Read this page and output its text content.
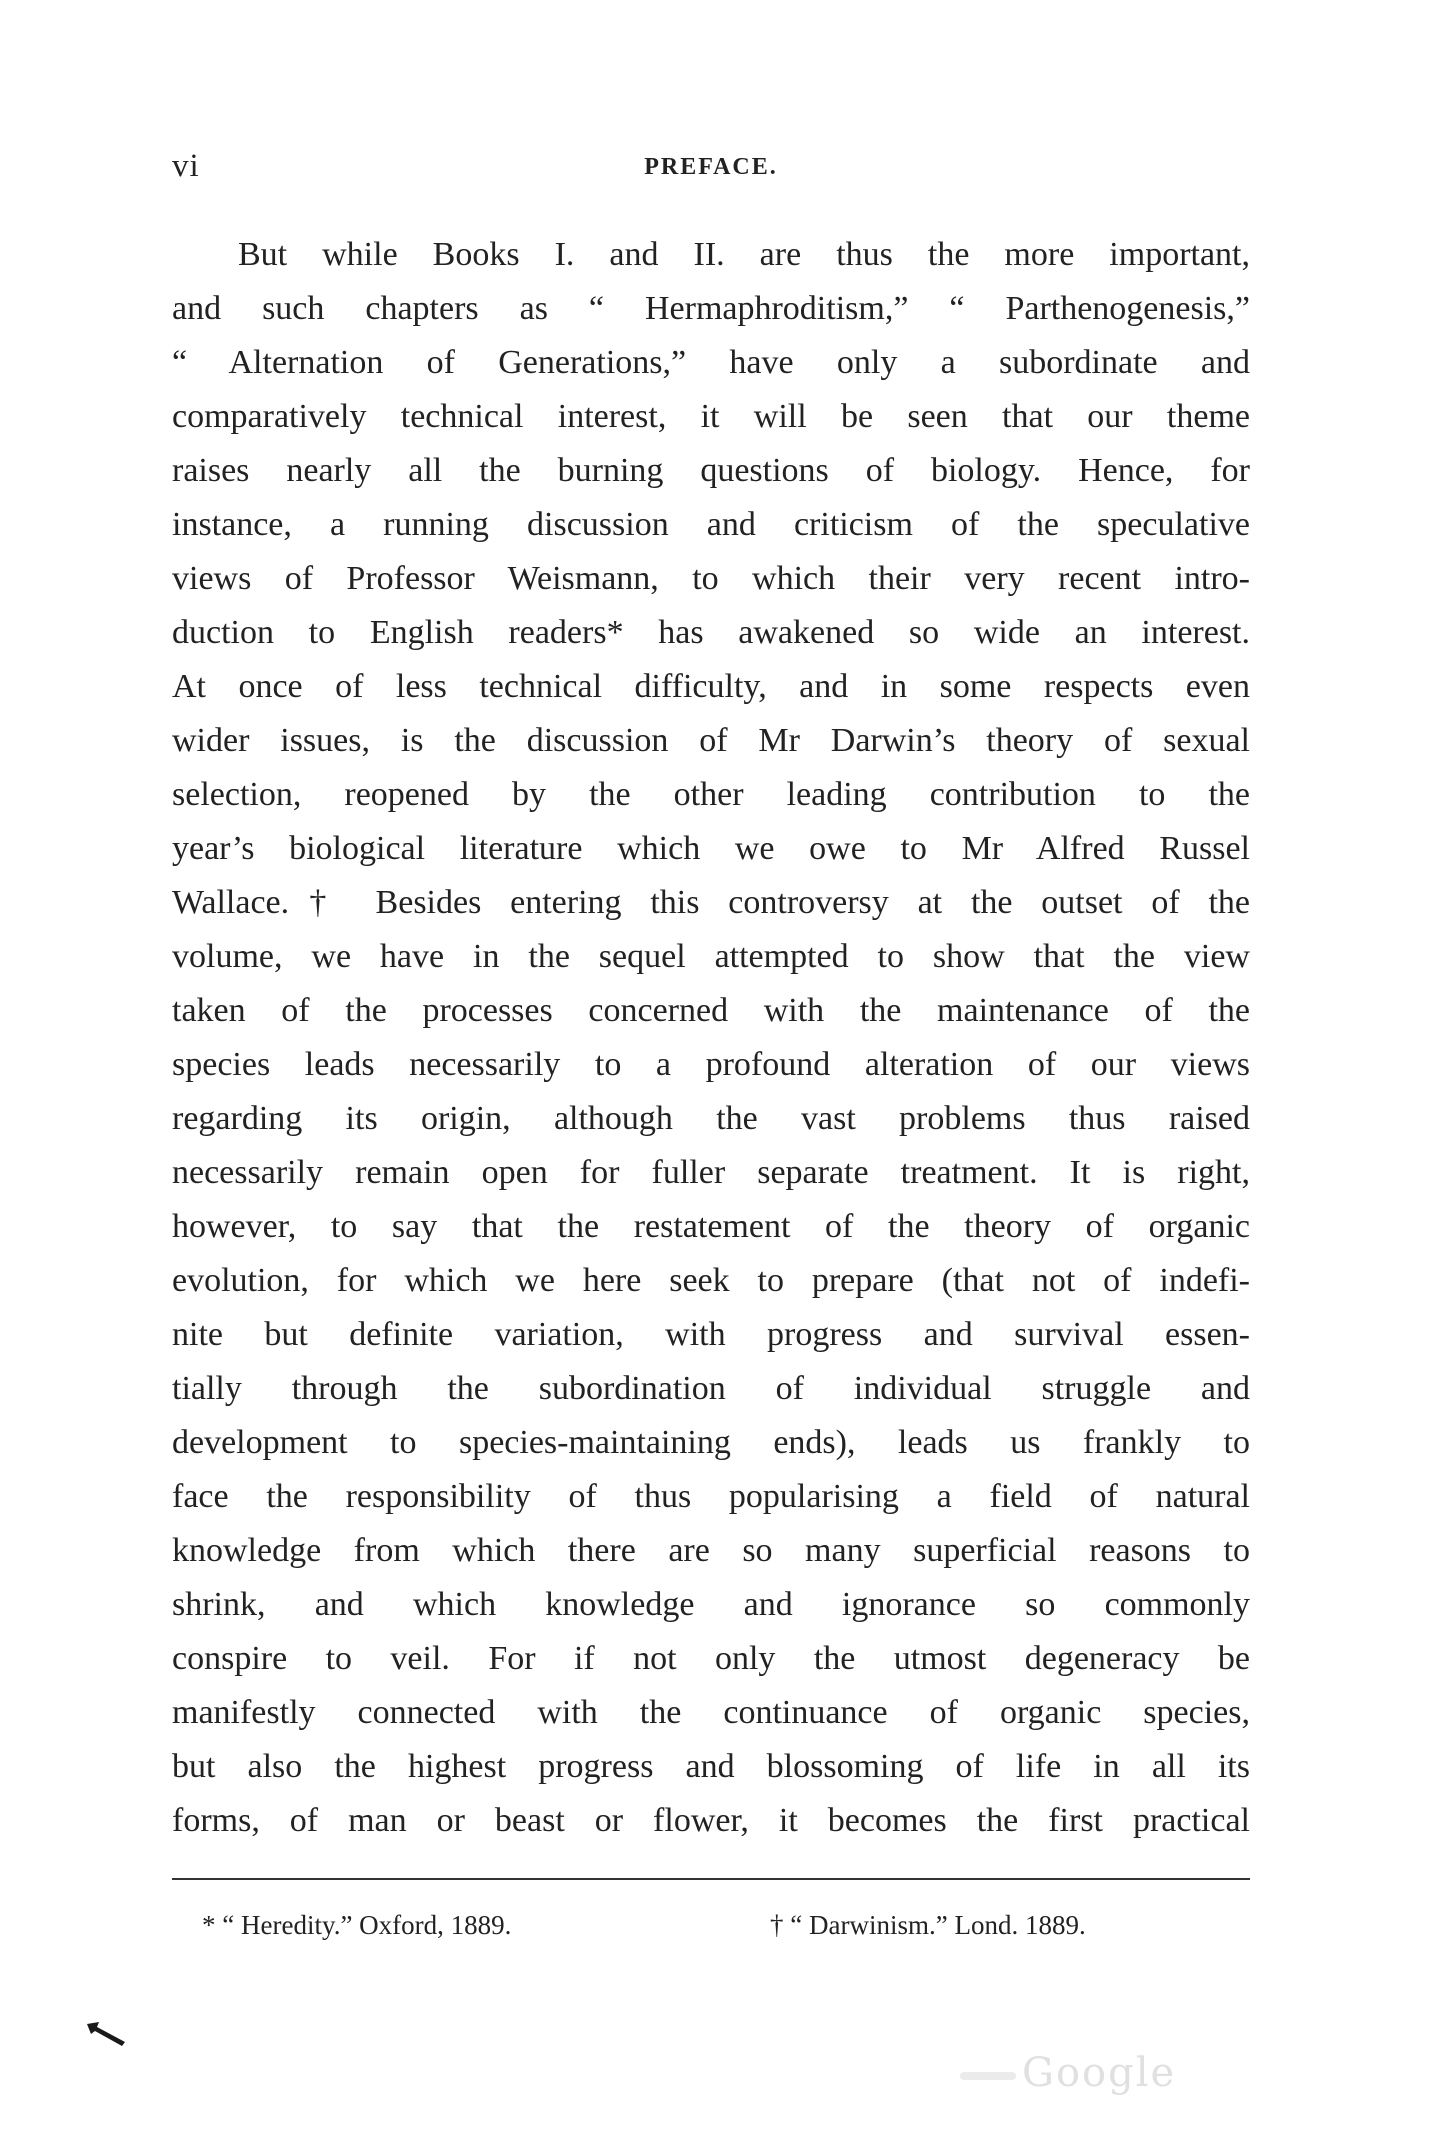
vi	PREFACE.
But while Books I. and II. are thus the more important,
and such chapters as “ Hermaphroditism,” “ Parthenogenesis,”
“ Alternation of Generations,” have only a subordinate and
comparatively technical interest, it will be seen that our theme
raises nearly all the burning questions of biology. Hence, for
instance, a running discussion and criticism of the speculative
views of Professor Weismann, to which their very recent intro-
duction to English readers* has awakened so wide an interest.
At once of less technical difficulty, and in some respects even
wider issues, is the discussion of Mr Darwin’s theory of sexual
selection, reopened by the other leading contribution to the
year’s biological literature which we owe to Mr Alfred Russel
Wallace.† Besides entering this controversy at the outset of the
volume, we have in the sequel attempted to show that the view
taken of the processes concerned with the maintenance of the
species leads necessarily to a profound alteration of our views
regarding its origin, although the vast problems thus raised
necessarily remain open for fuller separate treatment. It is right,
however, to say that the restatement of the theory of organic
evolution, for which we here seek to prepare (that not of indefi-
nite but definite variation, with progress and survival essen-
tially through the subordination of individual struggle and
development to species-maintaining ends), leads us frankly to
face the responsibility of thus popularising a field of natural
knowledge from which there are so many superficial reasons to
shrink, and which knowledge and ignorance so commonly
conspire to veil. For if not only the utmost degeneracy be
manifestly connected with the continuance of organic species,
but also the highest progress and blossoming of life in all its
forms, of man or beast or flower, it becomes the first practical
* “ Heredity.” Oxford, 1889.	† “ Darwinism.” Lond. 1889.
Google
